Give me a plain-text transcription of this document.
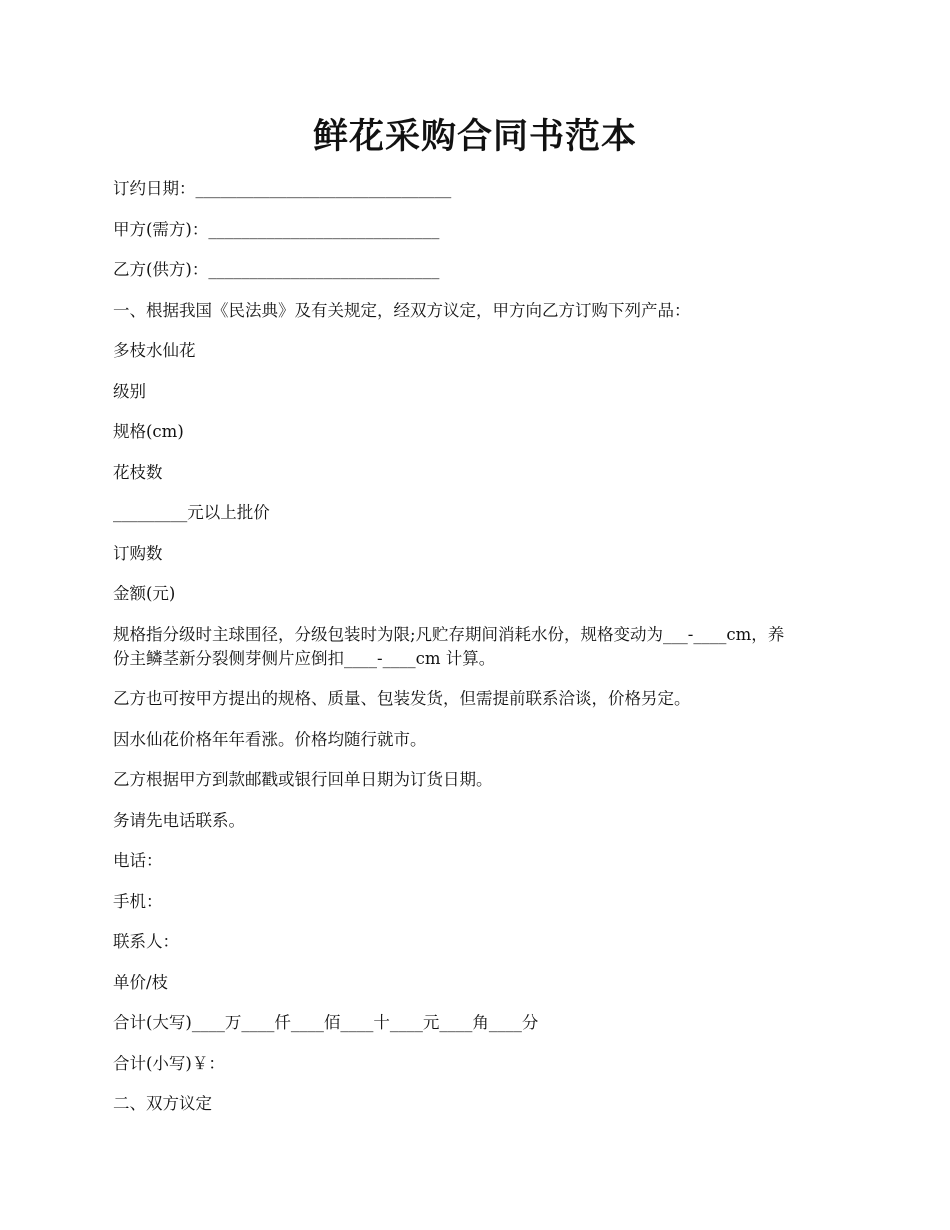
鲜花采购合同书范本

订约日期：_______________________________

甲方(需方)：____________________________

乙方(供方)：____________________________

一、根据我国《民法典》及有关规定，经双方议定，甲方向乙方订购下列产品：

多枝水仙花

级别

规格(cm)

花枝数

_________元以上批价

订购数

金额(元)

规格指分级时主球围径，分级包装时为限;凡贮存期间消耗水份，规格变动为___-____cm，养份主鳞茎新分裂侧芽侧片应倒扣____-____cm 计算。

乙方也可按甲方提出的规格、质量、包装发货，但需提前联系洽谈，价格另定。

因水仙花价格年年看涨。价格均随行就市。

乙方根据甲方到款邮戳或银行回单日期为订货日期。

务请先电话联系。

电话：

手机：

联系人：

单价/枝

合计(大写)____万____仟____佰____十____元____角____分

合计(小写)￥：

二、双方议定
